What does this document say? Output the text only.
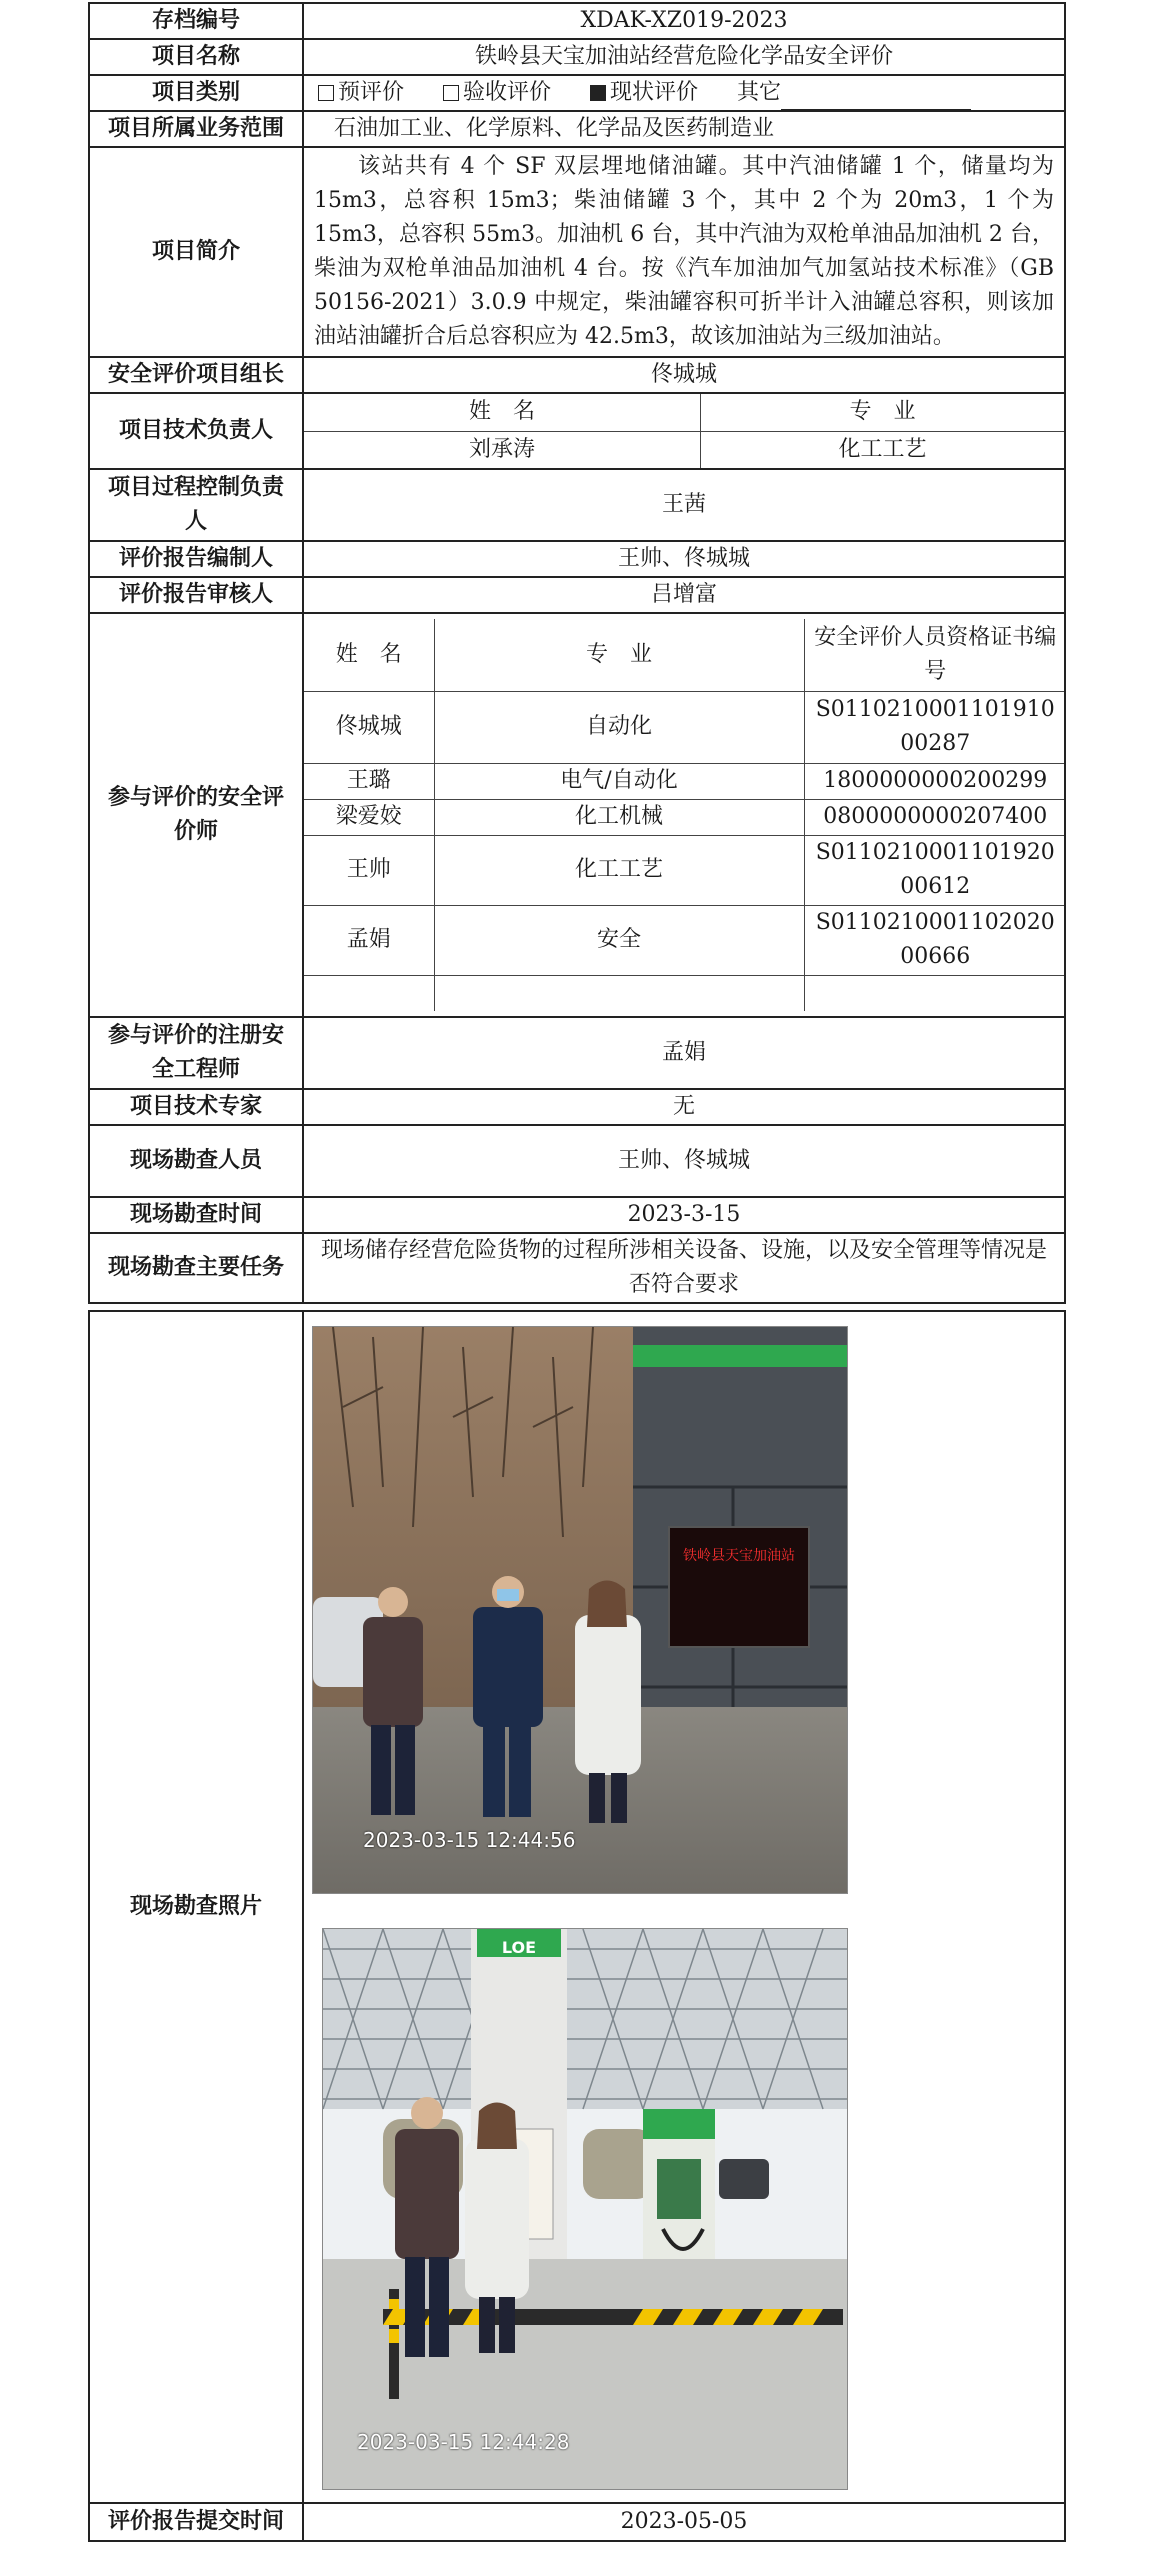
存档编号	XDAK-XZ019-2023
项目名称	铁岭县天宝加油站经营危险化学品安全评价
项目类别	预评价	验收评价	现状评价 其它
项目所属业务范围	石油加工业、化学原料、化学品及医药制造业
项目简介	该站共有 4 个 SF 双层埋地储油罐。其中汽油储罐 1 个，储量均为 15m3，总容积 15m3；柴油储罐 3 个，其中 2 个为 20m3，1 个为 15m3，总容积 55m3。加油机 6 台，其中汽油为双枪单油品加油机 2 台，柴油为双枪单油品加油机 4 台。按《汽车加油加气加氢站技术标准》（GB 50156-2021）3.0.9 中规定，柴油罐容积可折半计入油罐总容积，则该加油站油罐折合后总容积应为 42.5m3，故该加油站为三级加油站。
安全评价项目组长	佟城城
项目技术负责人	
姓　名	专　业
刘承涛	化工工艺

项目过程控制负责人	王茜
评价报告编制人	王帅、佟城城
评价报告审核人	吕增富
参与评价的安全评价师	
姓　名	专　业	安全评价人员资格证书编号
佟城城	自动化	S011021000110191000287
王璐	电气/自动化	1800000000200299
梁爱姣	化工机械	0800000000207400
王帅	化工工艺	S011021000110192000612
孟娟	安全	S011021000110202000666

参与评价的注册安全工程师	孟娟
项目技术专家	无
现场勘查人员	王帅、佟城城
现场勘查时间	2023-3-15
现场勘查主要任务	现场储存经营危险货物的过程所涉相关设备、设施，以及安全管理等情况是否符合要求
现场勘查照片	铁岭县天宝加油站
2023-03-15 12:44:56
LOE
2023-03-15 12:44:28

评价报告提交时间	2023-05-05
